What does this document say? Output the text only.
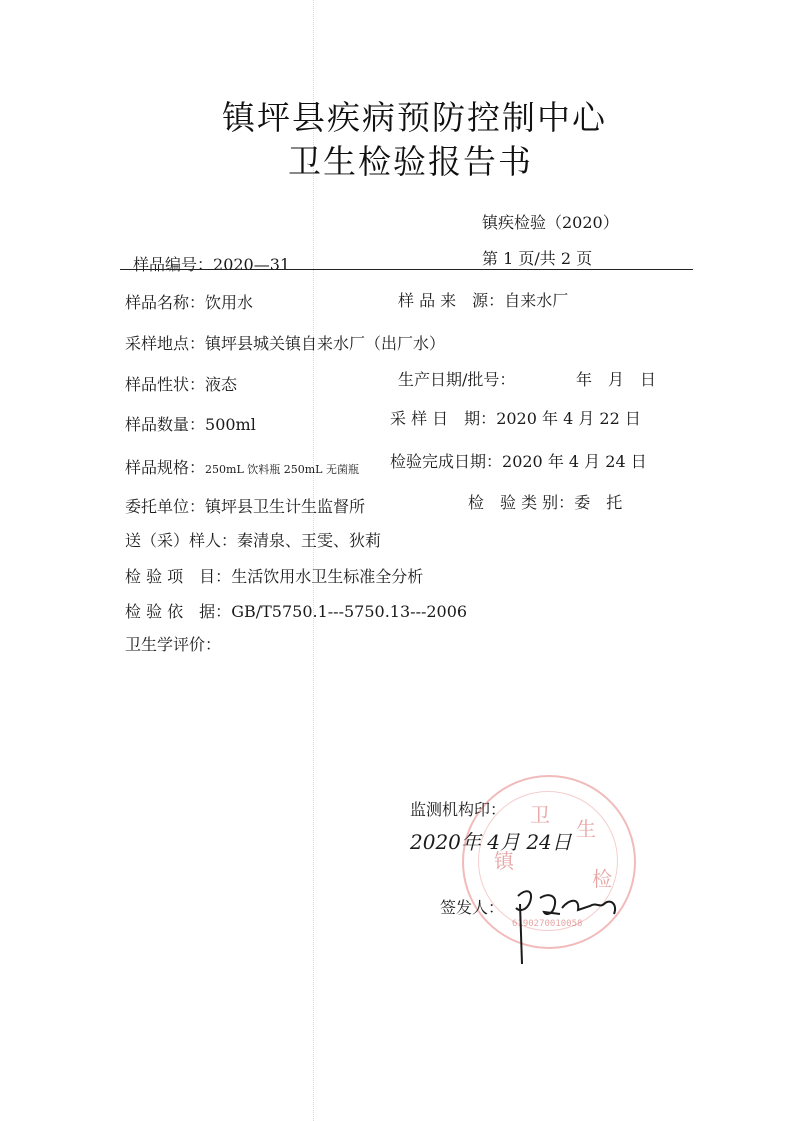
镇坪县疾病预防控制中心
卫生检验报告书
镇疾检验（2020）
样品编号：2020—31	第 1 页/共 2 页
样品名称：饮用水	样 品 来　源：自来水厂
采样地点：镇坪县城关镇自来水厂（出厂水）
样品性状：液态	生产日期/批号：	年　月　日
样品数量：500ml	采 样 日　期：2020 年 4 月 22 日
样品规格：250mL 饮料瓶 250mL 无菌瓶 检验完成日期：2020 年 4 月 24 日
委托单位：镇坪县卫生计生监督所	检　验 类 别：委　托
送（采）样人：秦清泉、王雯、狄莉
检 验 项　目：生活饮用水卫生标准全分析
检 验 依　据：GB/T5750.1---5750.13---2006
卫生学评价：
镇
卫
生
检
6190270010058
监测机构印：
2020年 4月 24日
签发人：
